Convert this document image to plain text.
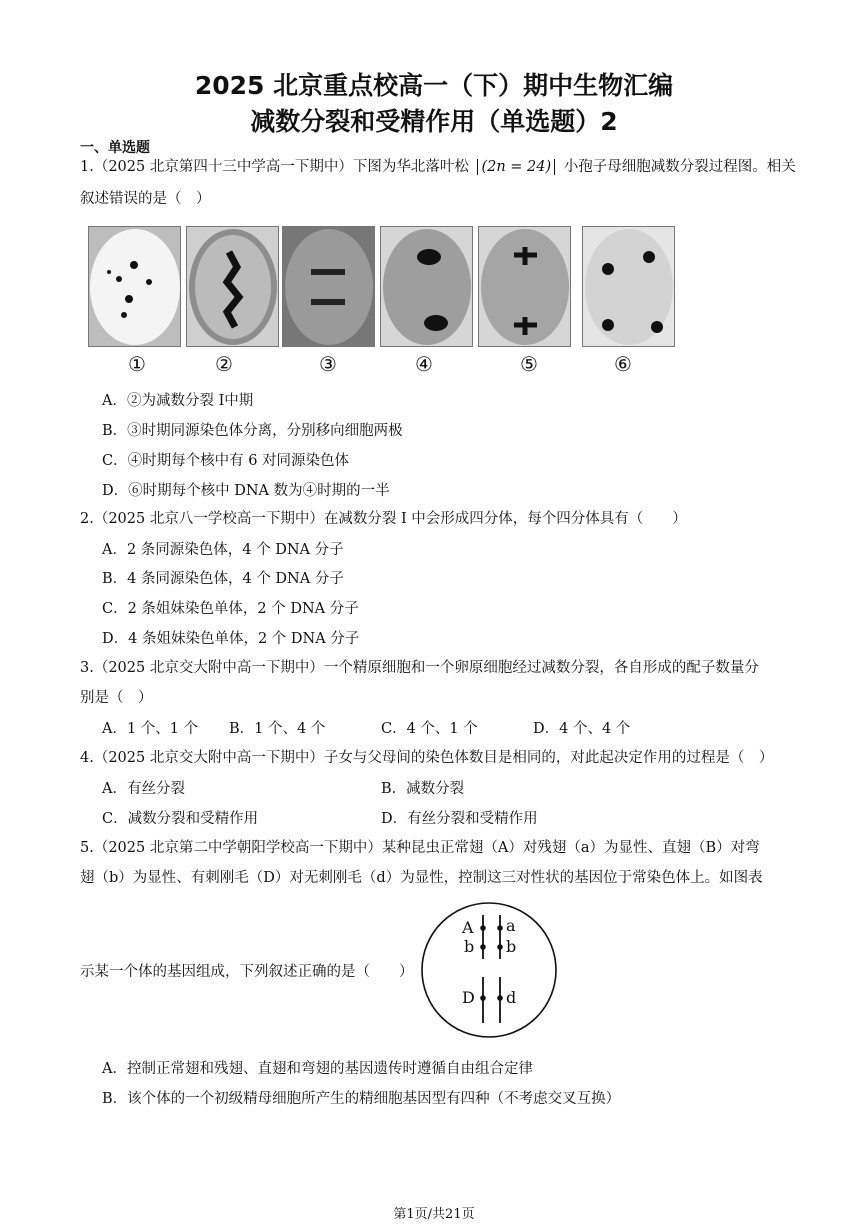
2025 北京重点校高一（下）期中生物汇编
减数分裂和受精作用（单选题）2
一、单选题
1.（2025 北京第四十三中学高一下期中）下图为华北落叶松 (2n = 24) 小孢子母细胞减数分裂过程图。相关
叙述错误的是（　）
①	②	③	④	⑤	⑥
A．②为减数分裂 Ⅰ中期
B．③时期同源染色体分离，分别移向细胞两极
C．④时期每个核中有 6 对同源染色体
D．⑥时期每个核中 DNA 数为④时期的一半
2.（2025 北京八一学校高一下期中）在减数分裂 Ⅰ 中会形成四分体，每个四分体具有（　　）
A．2 条同源染色体，4 个 DNA 分子
B．4 条同源染色体，4 个 DNA 分子
C．2 条姐妹染色单体，2 个 DNA 分子
D．4 条姐妹染色单体，2 个 DNA 分子
3.（2025 北京交大附中高一下期中）一个精原细胞和一个卵原细胞经过减数分裂，各自形成的配子数量分
别是（　）
A．1 个、1 个 B．1 个、4 个	C．4 个、1 个	D．4 个、4 个
4.（2025 北京交大附中高一下期中）子女与父母间的染色体数目是相同的，对此起决定作用的过程是（　）
A．有丝分裂	B．减数分裂
C．减数分裂和受精作用	D．有丝分裂和受精作用
5.（2025 北京第二中学朝阳学校高一下期中）某种昆虫正常翅（A）对残翅（a）为显性、直翅（B）对弯
翅（b）为显性、有刺刚毛（D）对无刺刚毛（d）为显性，控制这三对性状的基因位于常染色体上。如图表
示某一个体的基因组成，下列叙述正确的是（　　）
A a
b b
D d
A．控制正常翅和残翅、直翅和弯翅的基因遗传时遵循自由组合定律
B．该个体的一个初级精母细胞所产生的精细胞基因型有四种（不考虑交叉互换）
第1页/共21页
